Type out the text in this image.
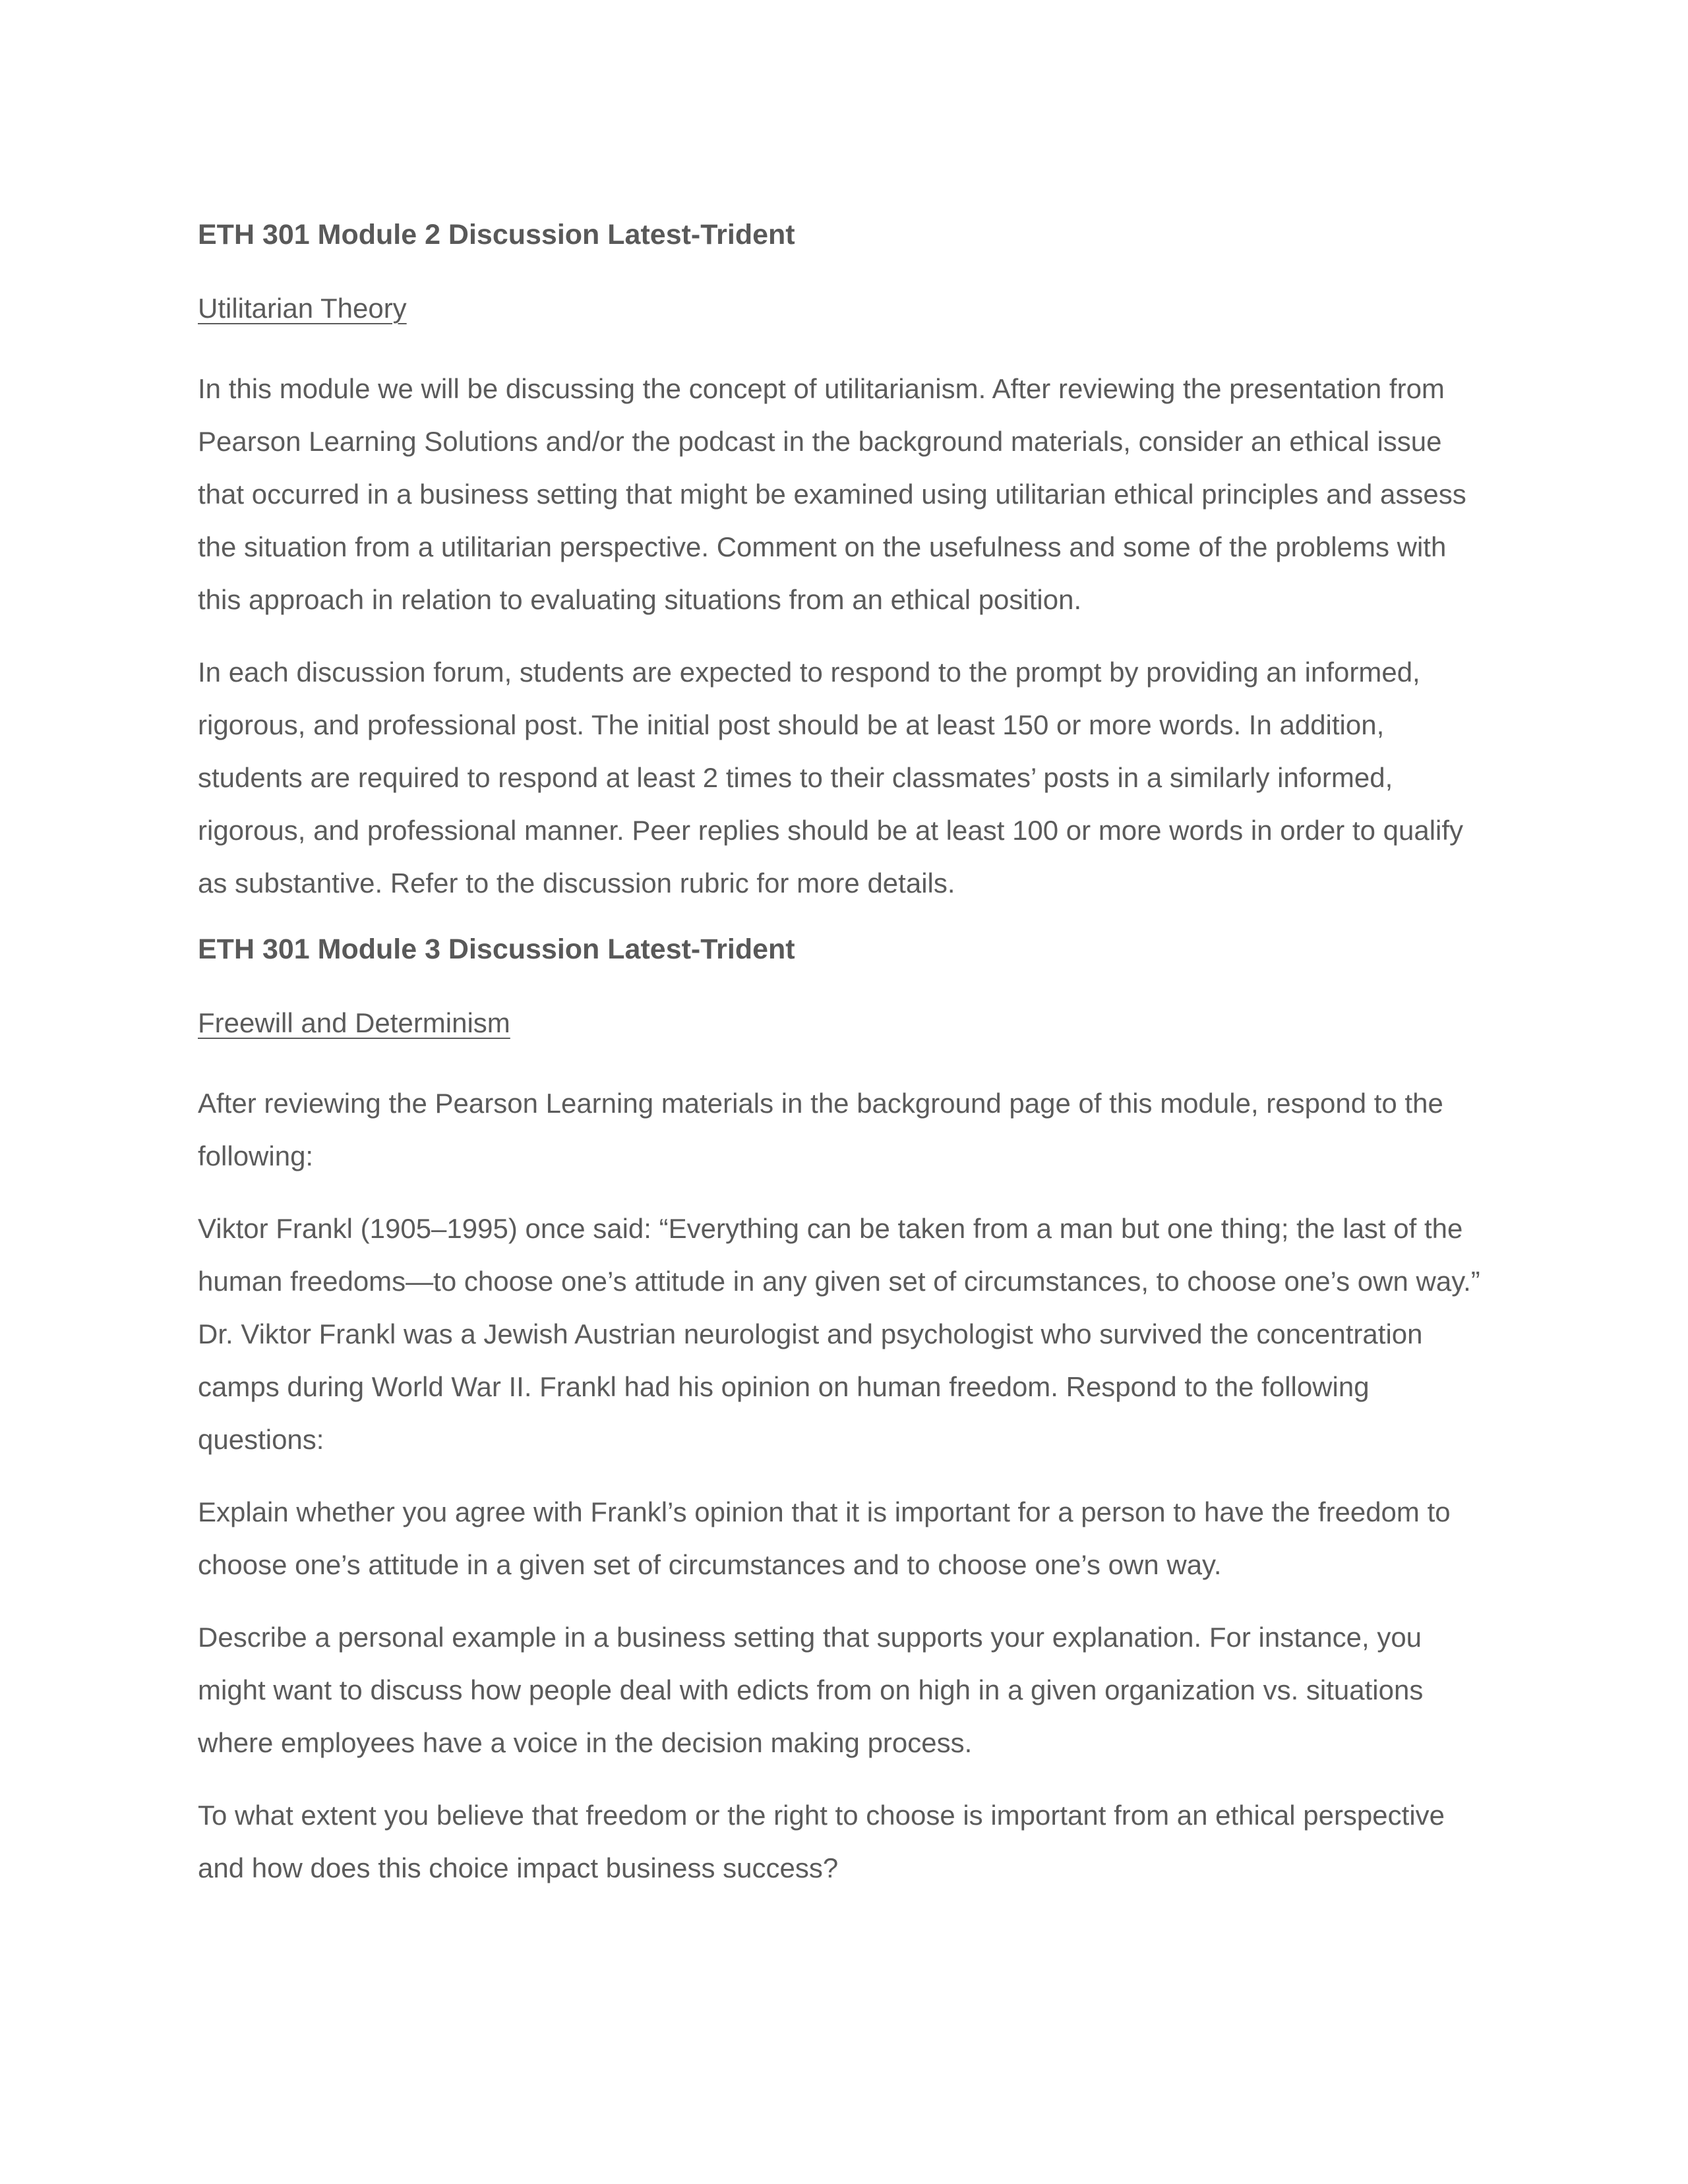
ETH 301 Module 2 Discussion Latest-Trident
Utilitarian Theory
In this module we will be discussing the concept of utilitarianism. After reviewing the presentation from
Pearson Learning Solutions and/or the podcast in the background materials, consider an ethical issue
that occurred in a business setting that might be examined using utilitarian ethical principles and assess
the situation from a utilitarian perspective. Comment on the usefulness and some of the problems with
this approach in relation to evaluating situations from an ethical position.
In each discussion forum, students are expected to respond to the prompt by providing an informed,
rigorous, and professional post. The initial post should be at least 150 or more words. In addition,
students are required to respond at least 2 times to their classmates’ posts in a similarly informed,
rigorous, and professional manner. Peer replies should be at least 100 or more words in order to qualify
as substantive. Refer to the discussion rubric for more details.
ETH 301 Module 3 Discussion Latest-Trident
Freewill and Determinism
After reviewing the Pearson Learning materials in the background page of this module, respond to the
following:
Viktor Frankl (1905–1995) once said: “Everything can be taken from a man but one thing; the last of the
human freedoms—to choose one’s attitude in any given set of circumstances, to choose one’s own way.”
Dr. Viktor Frankl was a Jewish Austrian neurologist and psychologist who survived the concentration
camps during World War II. Frankl had his opinion on human freedom. Respond to the following
questions:
Explain whether you agree with Frankl’s opinion that it is important for a person to have the freedom to
choose one’s attitude in a given set of circumstances and to choose one’s own way.
Describe a personal example in a business setting that supports your explanation. For instance, you
might want to discuss how people deal with edicts from on high in a given organization vs. situations
where employees have a voice in the decision making process.
To what extent you believe that freedom or the right to choose is important from an ethical perspective
and how does this choice impact business success?
